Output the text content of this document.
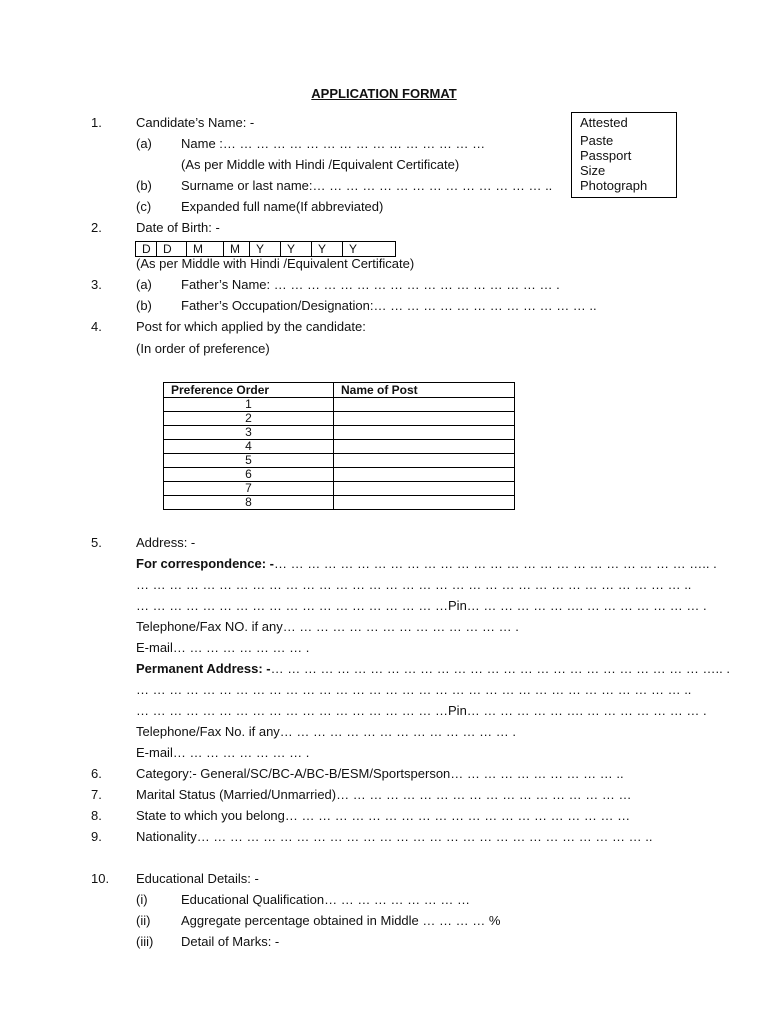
APPLICATION FORMAT
Attested
Paste
Passport
Size
Photograph
1.	Candidate’s Name: -
(a) Name :… … … … … … … … … … … … … … … …
(As per Middle with Hindi /Equivalent Certificate)
(b) Surname or last name:… … … … … … … … … … … … … … ..
(c) Expanded full name(If abbreviated)
2.	Date of Birth: -
D	D	M	M	Y	Y	Y	Y
(As per Middle with Hindi /Equivalent Certificate)
3.	(a) Father’s Name: … … … … … … … … … … … … … … … … … .
(b) Father’s Occupation/Designation:… … … … … … … … … … … … … ..
4.	Post for which applied by the candidate:
(In order of preference)
Preference Order	Name of Post
1	
2	
3	
4	
5	
6	
7	
8	
5.	Address: -
For correspondence: -… … … … … … … … … … … … … … … … … … … … … … … … … ….. .
… … … … … … … … … … … … … … … … … … … … … … … … … … … … … … … … … ..
… … … … … … … … … … … … … … … … … … …Pin… … … … … … …. … … … … … … … .
Telephone/Fax NO. if any… … … … … … … … … … … … … … .
E-mail… … … … … … … … .
Permanent Address: -… … … … … … … … … … … … … … … … … … … … … … … … … … ….. .
… … … … … … … … … … … … … … … … … … … … … … … … … … … … … … … … … ..
… … … … … … … … … … … … … … … … … … …Pin… … … … … … …. … … … … … … … .
Telephone/Fax No. if any… … … … … … … … … … … … … … .
E-mail… … … … … … … … .
6.	Category:- General/SC/BC-A/BC-B/ESM/Sportsperson… … … … … … … … … … ..
7.	Marital Status (Married/Unmarried)… … … … … … … … … … … … … … … … … …
8.	State to which you belong… … … … … … … … … … … … … … … … … … … … …
9.	Nationality… … … … … … … … … … … … … … … … … … … … … … … … … … … ..
10. Educational Details: -
(i)	Educational Qualification… … … … … … … … …
(ii) Aggregate percentage obtained in Middle … … … … %
(iii) Detail of Marks: -
